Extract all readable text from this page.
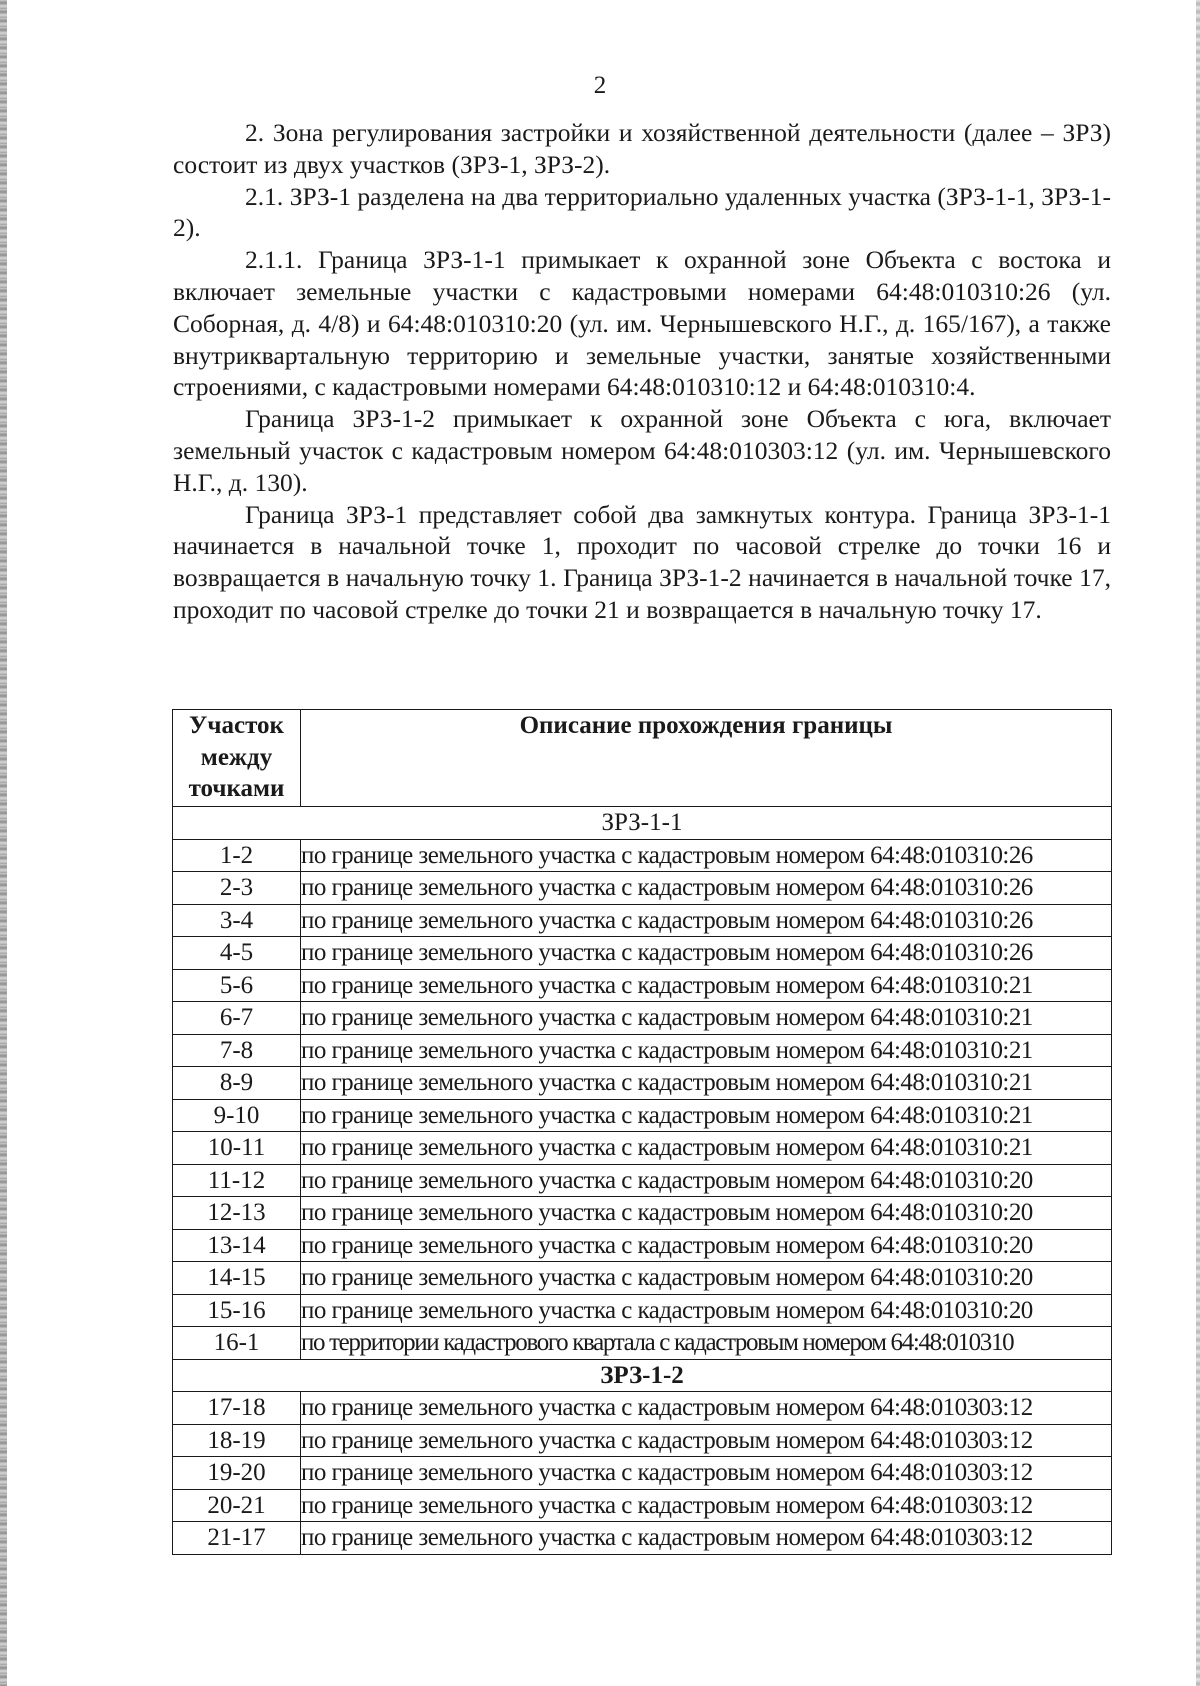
2

2. Зона регулирования застройки и хозяйственной деятельности (далее – ЗРЗ) состоит из двух участков (ЗРЗ-1, ЗРЗ-2).

2.1. ЗРЗ-1 разделена на два территориально удаленных участка (ЗРЗ-1-1, ЗРЗ-1-2).

2.1.1. Граница ЗРЗ-1-1 примыкает к охранной зоне Объекта с востока и включает земельные участки с кадастровыми номерами 64:48:010310:26 (ул. Соборная, д. 4/8) и 64:48:010310:20 (ул. им. Чернышевского Н.Г., д. 165/167), а также внутриквартальную территорию и земельные участки, занятые хозяйственными строениями, с кадастровыми номерами 64:48:010310:12 и 64:48:010310:4.

Граница ЗРЗ-1-2 примыкает к охранной зоне Объекта с юга, включает земельный участок с кадастровым номером 64:48:010303:12 (ул. им. Чернышевского Н.Г., д. 130).

Граница ЗРЗ-1 представляет собой два замкнутых контура. Граница ЗРЗ-1-1 начинается в начальной точке 1, проходит по часовой стрелке до точки 16 и возвращается в начальную точку 1. Граница ЗРЗ-1-2 начинается в начальной точке 17, проходит по часовой стрелке до точки 21 и возвращается в начальную точку 17.

Участок
между
точками	Описание прохождения границы
ЗРЗ-1-1	
1-2	по границе земельного участка с кадастровым номером 64:48:010310:26
2-3	по границе земельного участка с кадастровым номером 64:48:010310:26
3-4	по границе земельного участка с кадастровым номером 64:48:010310:26
4-5	по границе земельного участка с кадастровым номером 64:48:010310:26
5-6	по границе земельного участка с кадастровым номером 64:48:010310:21
6-7	по границе земельного участка с кадастровым номером 64:48:010310:21
7-8	по границе земельного участка с кадастровым номером 64:48:010310:21
8-9	по границе земельного участка с кадастровым номером 64:48:010310:21
9-10	по границе земельного участка с кадастровым номером 64:48:010310:21
10-11	по границе земельного участка с кадастровым номером 64:48:010310:21
11-12	по границе земельного участка с кадастровым номером 64:48:010310:20
12-13	по границе земельного участка с кадастровым номером 64:48:010310:20
13-14	по границе земельного участка с кадастровым номером 64:48:010310:20
14-15	по границе земельного участка с кадастровым номером 64:48:010310:20
15-16	по границе земельного участка с кадастровым номером 64:48:010310:20
16-1	по территории кадастрового квартала с кадастровым номером 64:48:010310
ЗРЗ-1-2	
17-18	по границе земельного участка с кадастровым номером 64:48:010303:12
18-19	по границе земельного участка с кадастровым номером 64:48:010303:12
19-20	по границе земельного участка с кадастровым номером 64:48:010303:12
20-21	по границе земельного участка с кадастровым номером 64:48:010303:12
21-17	по границе земельного участка с кадастровым номером 64:48:010303:12
